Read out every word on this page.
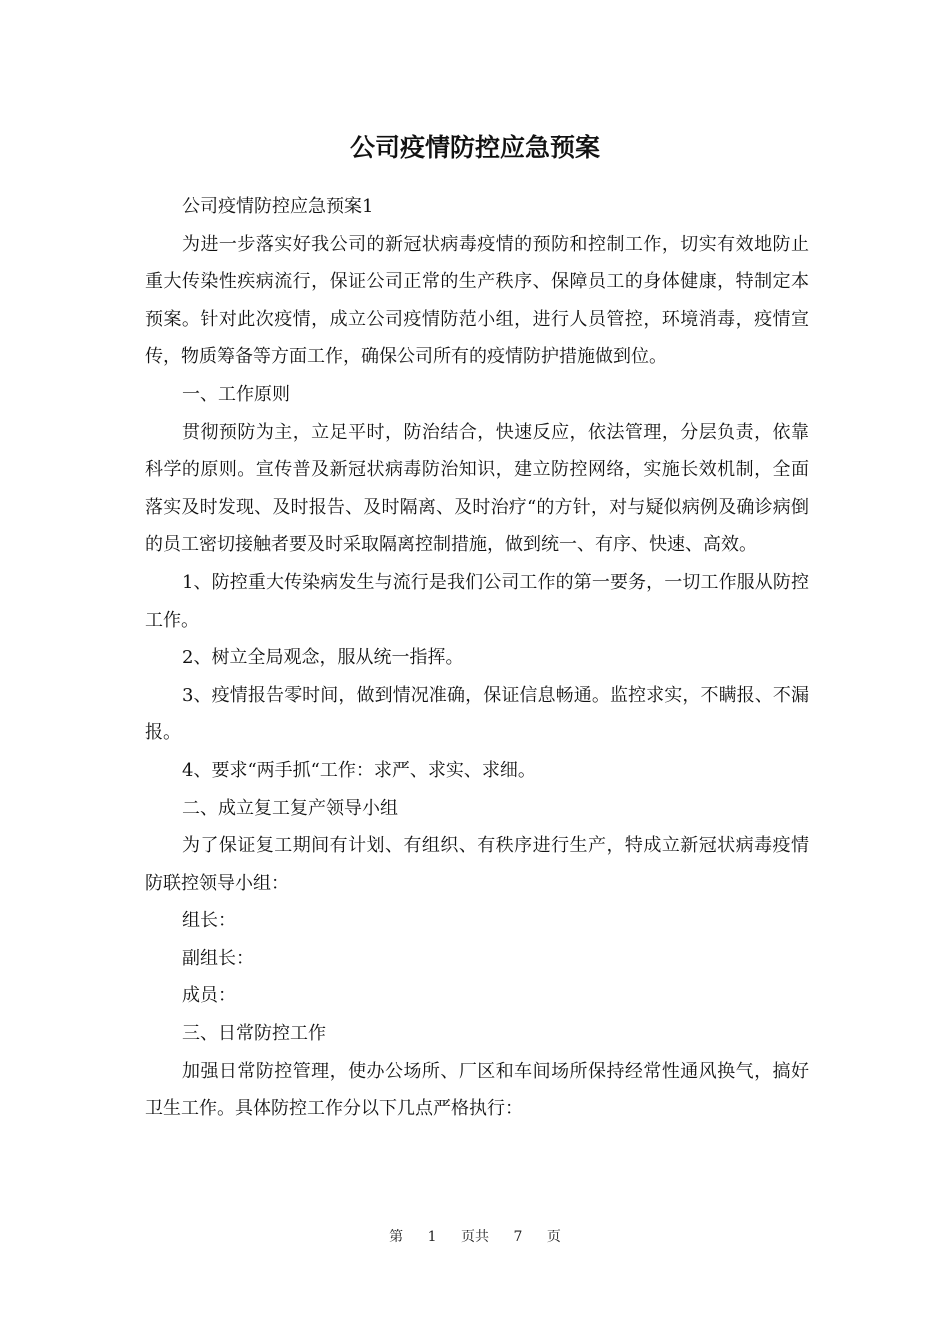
公司疫情防控应急预案

公司疫情防控应急预案1

为进一步落实好我公司的新冠状病毒疫情的预防和控制工作，切实有效地防止重大传染性疾病流行，保证公司正常的生产秩序、保障员工的身体健康，特制定本预案。针对此次疫情，成立公司疫情防范小组，进行人员管控，环境消毒，疫情宣传，物质筹备等方面工作，确保公司所有的疫情防护措施做到位。

一、工作原则

贯彻预防为主，立足平时，防治结合，快速反应，依法管理，分层负责，依靠科学的原则。宣传普及新冠状病毒防治知识，建立防控网络，实施长效机制，全面落实及时发现、及时报告、及时隔离、及时治疗“的方针，对与疑似病例及确诊病倒的员工密切接触者要及时采取隔离控制措施，做到统一、有序、快速、高效。

1、防控重大传染病发生与流行是我们公司工作的第一要务，一切工作服从防控工作。

2、树立全局观念，服从统一指挥。

3、疫情报告零时间，做到情况准确，保证信息畅通。监控求实，不瞒报、不漏报。

4、要求“两手抓“工作：求严、求实、求细。

二、成立复工复产领导小组

为了保证复工期间有计划、有组织、有秩序进行生产，特成立新冠状病毒疫情防联控领导小组：

组长：

副组长：

成员：

三、日常防控工作

加强日常防控管理，使办公场所、厂区和车间场所保持经常性通风换气，搞好卫生工作。具体防控工作分以下几点严格执行：

第 1 页共 7 页
